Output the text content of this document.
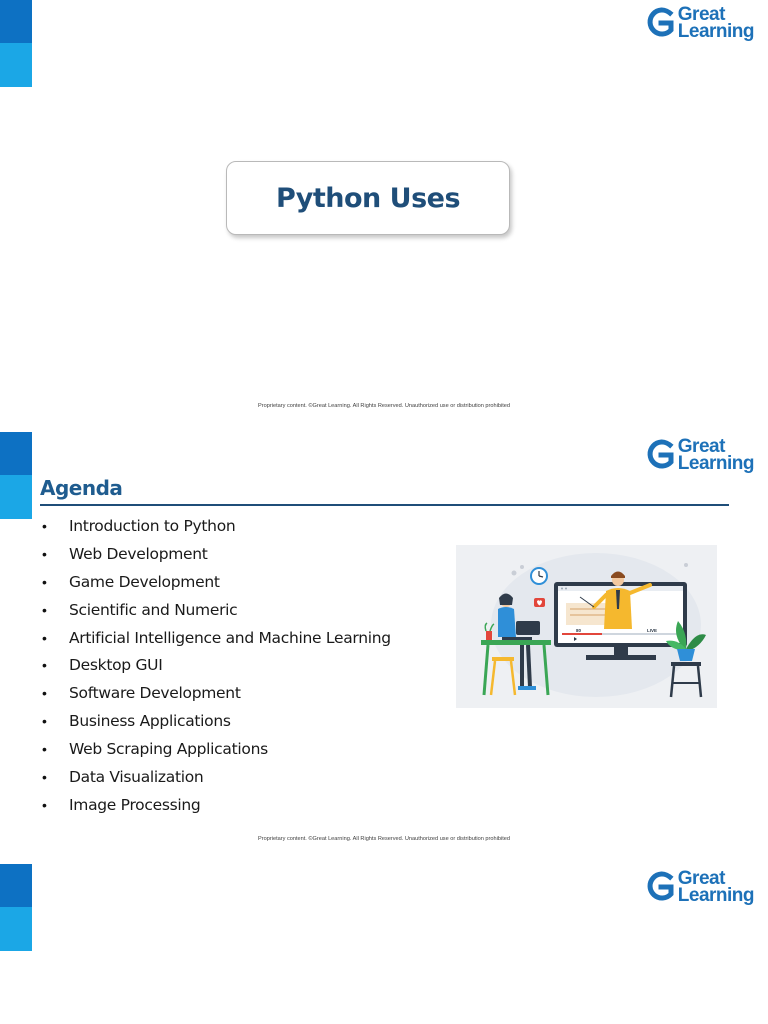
Great
Learning
Python Uses
Proprietary content. ©Great Learning. All Rights Reserved. Unauthorized use or distribution prohibited
Great
Learning
Agenda
•	Introduction to Python
•	Web Development
•	Game Development
•	Scientific and Numeric
•	Artificial Intelligence and Machine Learning
•	Desktop GUI
•	Software Development
•	Business Applications
•	Web Scraping Applications
•	Data Visualization
•	Image Processing
80	LIVE
Proprietary content. ©Great Learning. All Rights Reserved. Unauthorized use or distribution prohibited
Great
Learning
